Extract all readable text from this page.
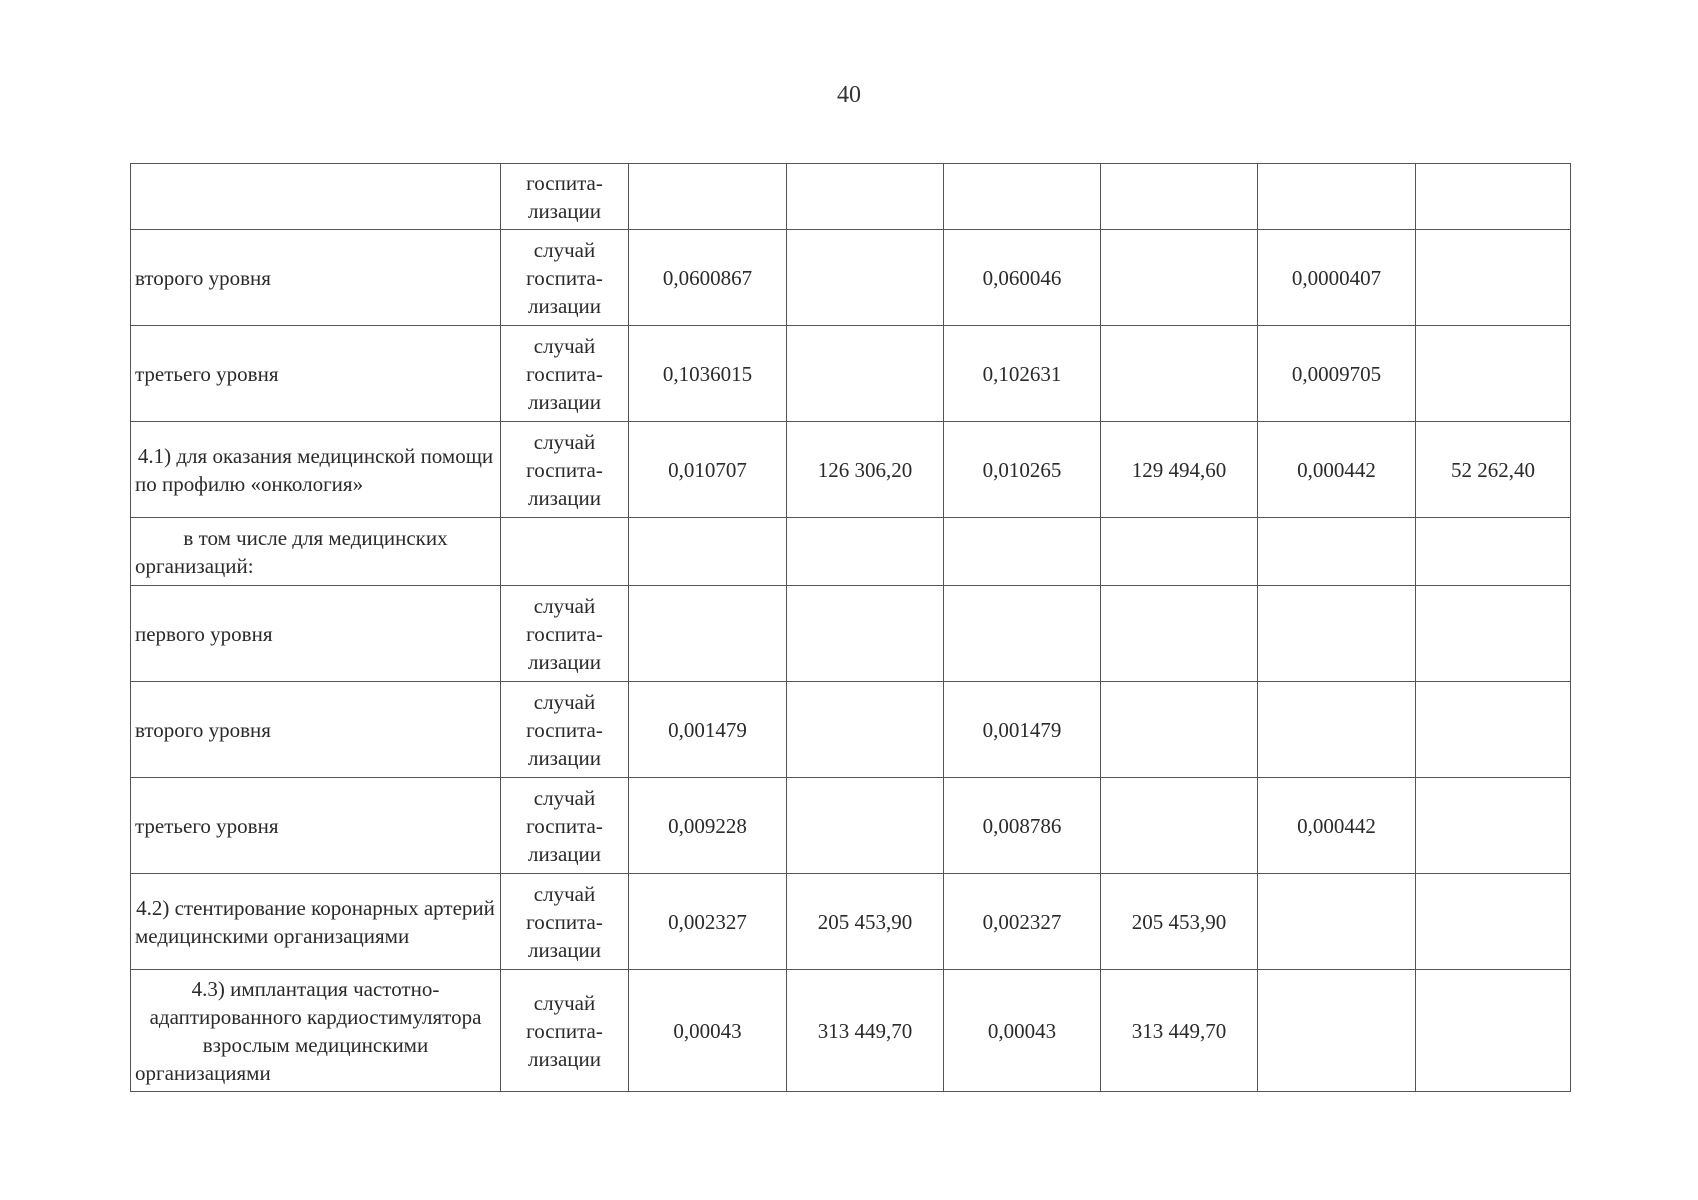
40

	госпита-
лизации						

второго уровня	случай
госпита-
лизации	0,0600867		0,060046		0,0000407	
третьего уровня	случай
госпита-
лизации	0,1036015		0,102631		0,0009705	
4.1) для оказания медицинской помощи по профилю «онкология»	случай
госпита-
лизации	0,010707	126 306,20	0,010265	129 494,60	0,000442	52 262,40
в том числе для медицинских организаций:							
первого уровня	случай
госпита-
лизации						

второго уровня	случай
госпита-
лизации	0,001479		0,001479			
третьего уровня	случай
госпита-
лизации	0,009228		0,008786		0,000442	
4.2) стентирование коронарных артерий медицинскими организациями	случай
госпита-
лизации	0,002327	205 453,90	0,002327	205 453,90		
4.3) имплантация частотно-адаптированного кардиостимулятора взрослым медицинскими организациями	случай
госпита-
лизации	0,00043	313 449,70	0,00043	313 449,70		
